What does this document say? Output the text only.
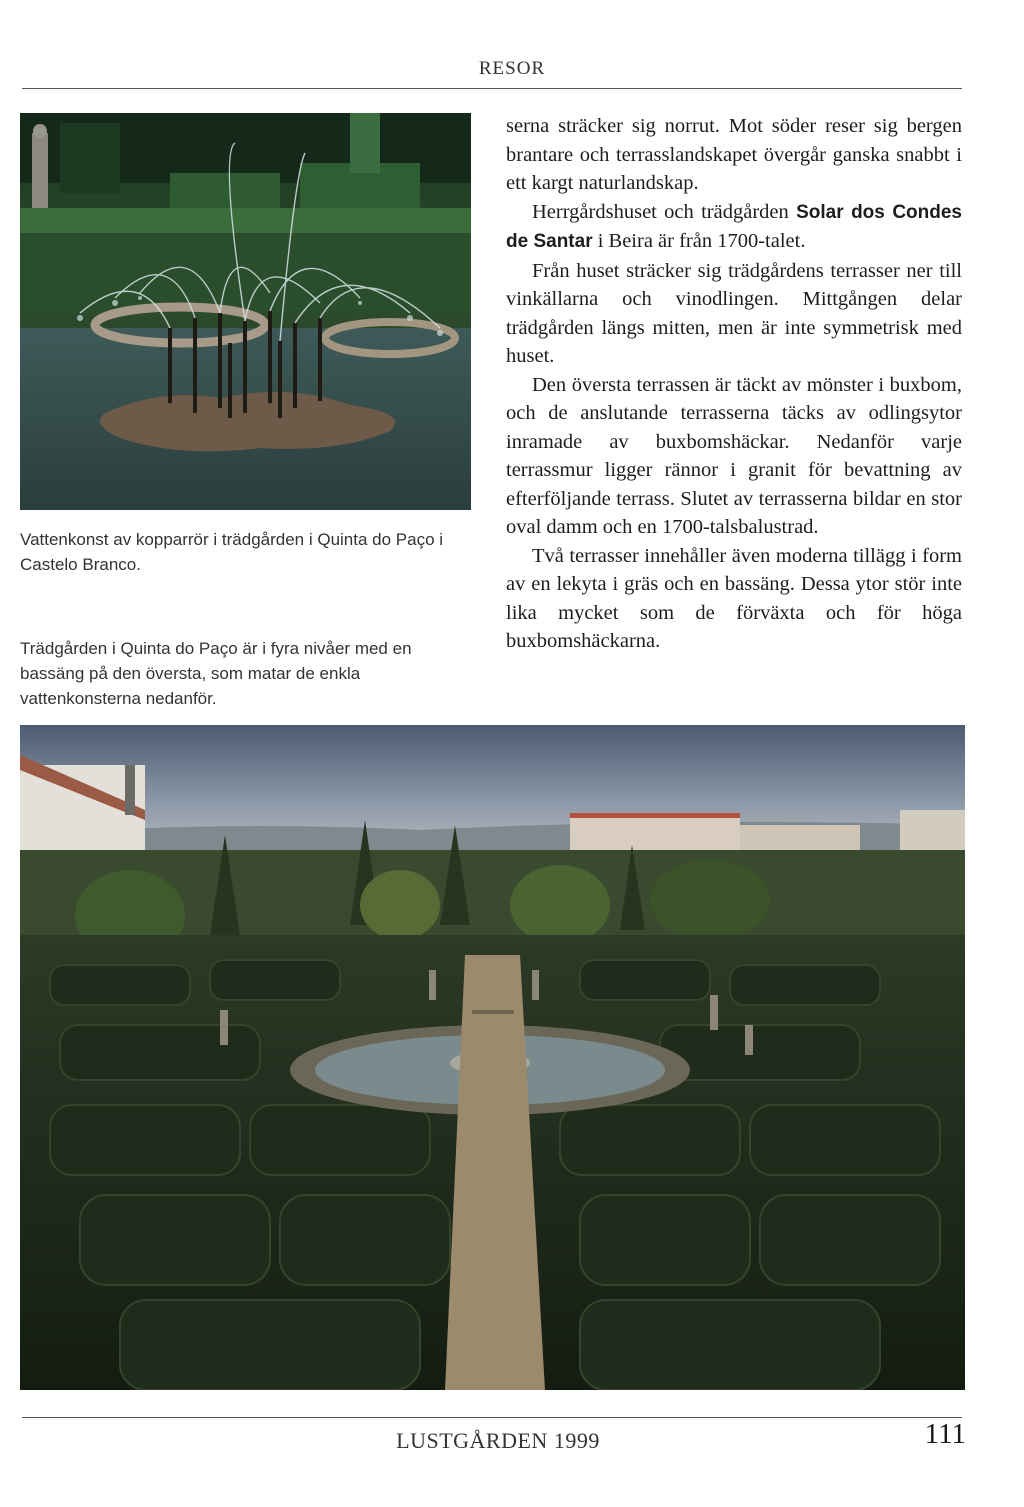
RESOR
Vattenkonst av kopparrör i trädgården i Quinta do Paço i Castelo Branco.
Trädgården i Quinta do Paço är i fyra nivåer med en bassäng på den översta, som matar de enkla vattenkonsterna nedanför.

serna sträcker sig norrut. Mot söder reser sig bergen brantare och terrasslandskapet övergår ganska snabbt i ett kargt naturlandskap.

Herrgårdshuset och trädgården Solar dos Condes de Santar i Beira är från 1700-talet.

Från huset sträcker sig trädgårdens terrasser ner till vinkällarna och vinodlingen. Mittgången delar trädgården längs mitten, men är inte symmetrisk med huset.

Den översta terrassen är täckt av mönster i buxbom, och de anslutande terrasserna täcks av odlingsytor inramade av buxbomshäckar. Nedanför varje terrassmur ligger rännor i granit för bevattning av efterföljande terrass. Slutet av terrasserna bildar en stor oval damm och en 1700-talsbalustrad.

Två terrasser innehåller även moderna tillägg i form av en lekyta i gräs och en bassäng. Dessa ytor stör inte lika mycket som de förväxta och för höga buxbomshäckarna.

LUSTGÅRDEN 1999	111
